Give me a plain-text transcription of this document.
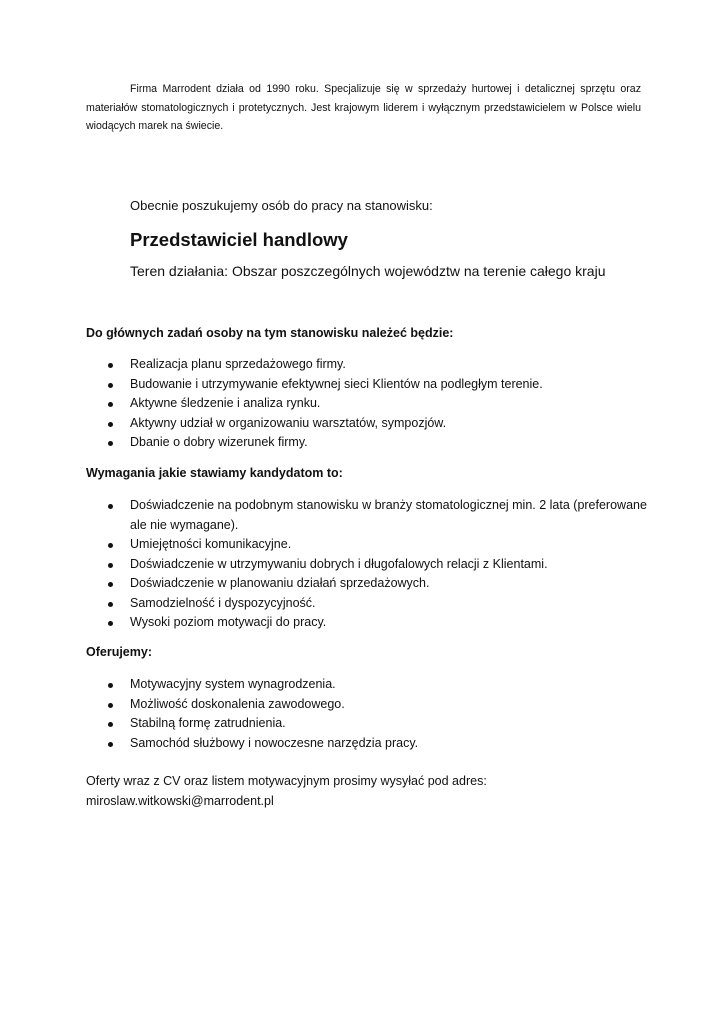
Firma Marrodent działa od 1990 roku. Specjalizuje się w sprzedaży hurtowej i detalicznej sprzętu oraz materiałów stomatologicznych i protetycznych. Jest krajowym liderem i wyłącznym przedstawicielem w Polsce wielu wiodących marek na świecie.

Obecnie poszukujemy osób do pracy na stanowisku:

Przedstawiciel handlowy

Teren działania: Obszar poszczególnych województw na terenie całego kraju

Do głównych zadań osoby na tym stanowisku należeć będzie:
Realizacja planu sprzedażowego firmy.
Budowanie i utrzymywanie efektywnej sieci Klientów na podległym terenie.
Aktywne śledzenie i analiza rynku.
Aktywny udział w organizowaniu warsztatów, sympozjów.
Dbanie o dobry wizerunek firmy.
Wymagania jakie stawiamy kandydatom to:
Doświadczenie na podobnym stanowisku w branży stomatologicznej min. 2 lata (preferowane ale nie wymagane).
Umiejętności komunikacyjne.
Doświadczenie w utrzymywaniu dobrych i długofalowych relacji z Klientami.
Doświadczenie w planowaniu działań sprzedażowych.
Samodzielność i dyspozycyjność.
Wysoki poziom motywacji do pracy.
Oferujemy:
Motywacyjny system wynagrodzenia.
Możliwość doskonalenia zawodowego.
Stabilną formę zatrudnienia.
Samochód służbowy i nowoczesne narzędzia pracy.

Oferty wraz z CV oraz listem motywacyjnym prosimy wysyłać pod adres:
miroslaw.witkowski@marrodent.pl
